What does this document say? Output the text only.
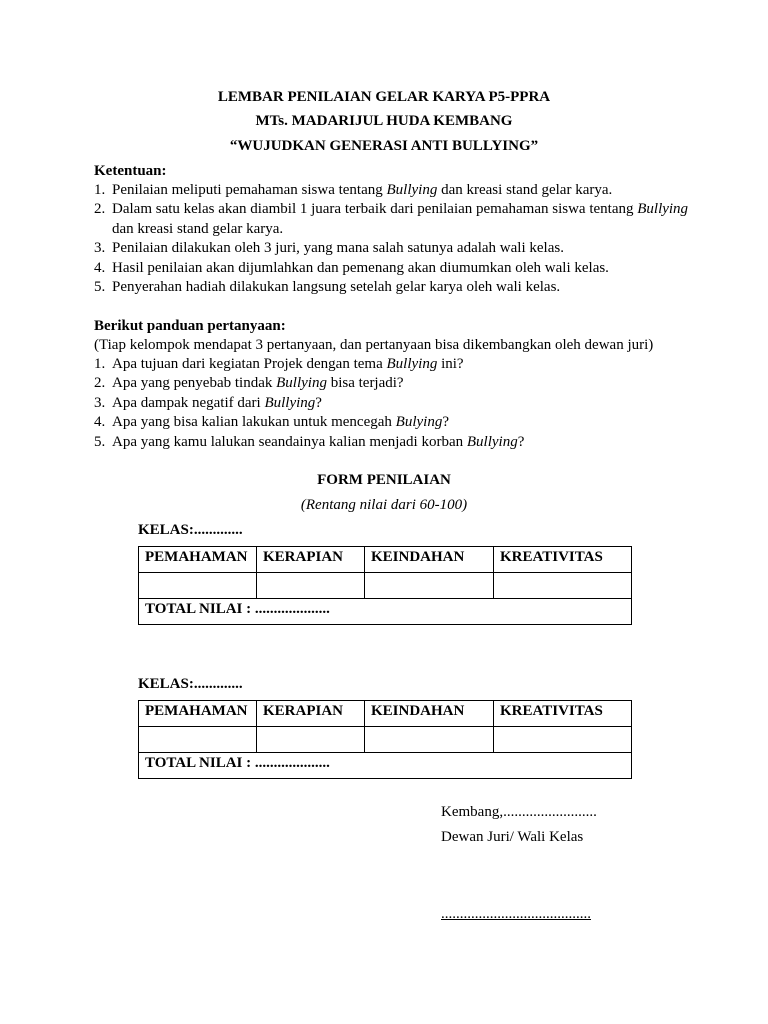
LEMBAR PENILAIAN GELAR KARYA P5-PPRA
MTs. MADARIJUL HUDA KEMBANG
“WUJUDKAN GENERASI ANTI BULLYING”
Ketentuan:
1. Penilaian meliputi pemahaman siswa tentang Bullying dan kreasi stand gelar karya.
2. Dalam satu kelas akan diambil 1 juara terbaik dari penilaian pemahaman siswa tentang Bullying dan kreasi stand gelar karya.
3. Penilaian dilakukan oleh 3 juri, yang mana salah satunya adalah wali kelas.
4. Hasil penilaian akan dijumlahkan dan pemenang akan diumumkan oleh wali kelas.
5. Penyerahan hadiah dilakukan langsung setelah gelar karya oleh wali kelas.
Berikut panduan pertanyaan:
(Tiap kelompok mendapat 3 pertanyaan, dan pertanyaan bisa dikembangkan oleh dewan juri)
1. Apa tujuan dari kegiatan Projek dengan tema Bullying ini?
2. Apa yang penyebab tindak Bullying bisa terjadi?
3. Apa dampak negatif dari Bullying?
4. Apa yang bisa kalian lakukan untuk mencegah Bulying?
5. Apa yang kamu lalukan seandainya kalian menjadi korban Bullying?
FORM PENILAIAN
(Rentang nilai dari 60-100)
KELAS:.............
PEMAHAMAN	KERAPIAN	KEINDAHAN	KREATIVITAS

TOTAL NILAI : ....................			
KELAS:.............
PEMAHAMAN	KERAPIAN	KEINDAHAN	KREATIVITAS

TOTAL NILAI : ....................			
Kembang,.........................
Dewan Juri/ Wali Kelas
........................................
